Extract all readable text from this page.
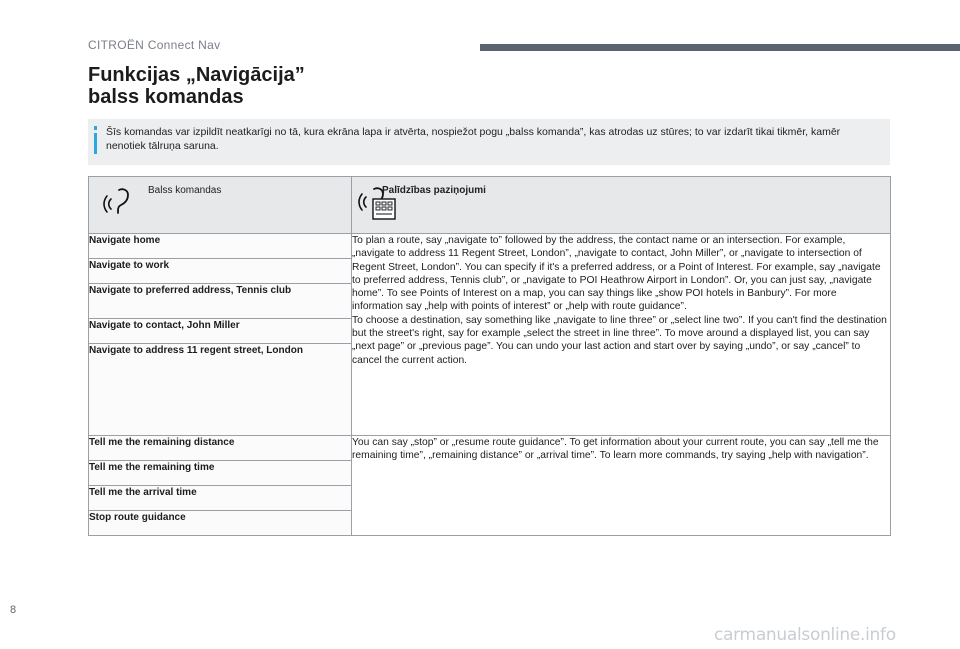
CITROËN Connect Nav
Funkcijas „Navigācija”
balss komandas
Šīs komandas var izpildīt neatkarīgi no tā, kura ekrāna lapa ir atvērta, nospiežot pogu „balss komanda”, kas atrodas uz stūres; to var izdarīt tikai tikmēr, kamēr nenotiek tālruņa saruna.
Balss komandas	Palīdzības paziņojumi

Navigate home	To plan a route, say „navigate to” followed by the address, the contact name or an intersection. For example, „navigate to address 11 Regent Street, London”, „navigate to contact, John Miller”, or „navigate to intersection of Regent Street, London”. You can specify if it's a preferred address, or a Point of Interest. For example, say „navigate to preferred address, Tennis club”, or „navigate to POI Heathrow Airport in London”. Or, you can just say, „navigate home”. To see Points of Interest on a map, you can say things like „show POI hotels in Banbury”. For more information say „help with points of interest” or „help with route guidance”.
To choose a destination, say something like „navigate to line three” or „select line two”. If you can't find the destination but the street's right, say for example „select the street in line three”. To move around a displayed list, you can say „next page” or „previous page”. You can undo your last action and start over by saying „undo”, or say „cancel” to cancel the current action.

Navigate to work	
Navigate to preferred address, Tennis club	
Navigate to contact, John Miller	
Navigate to address 11 regent street, London	
Tell me the remaining distance	You can say „stop” or „resume route guidance”. To get information about your current route, you can say „tell me the remaining time”, „remaining distance” or „arrival time”. To learn more commands, try saying „help with navigation”.
Tell me the remaining time	
Tell me the arrival time	
Stop route guidance	
8
carmanualsonline.info
